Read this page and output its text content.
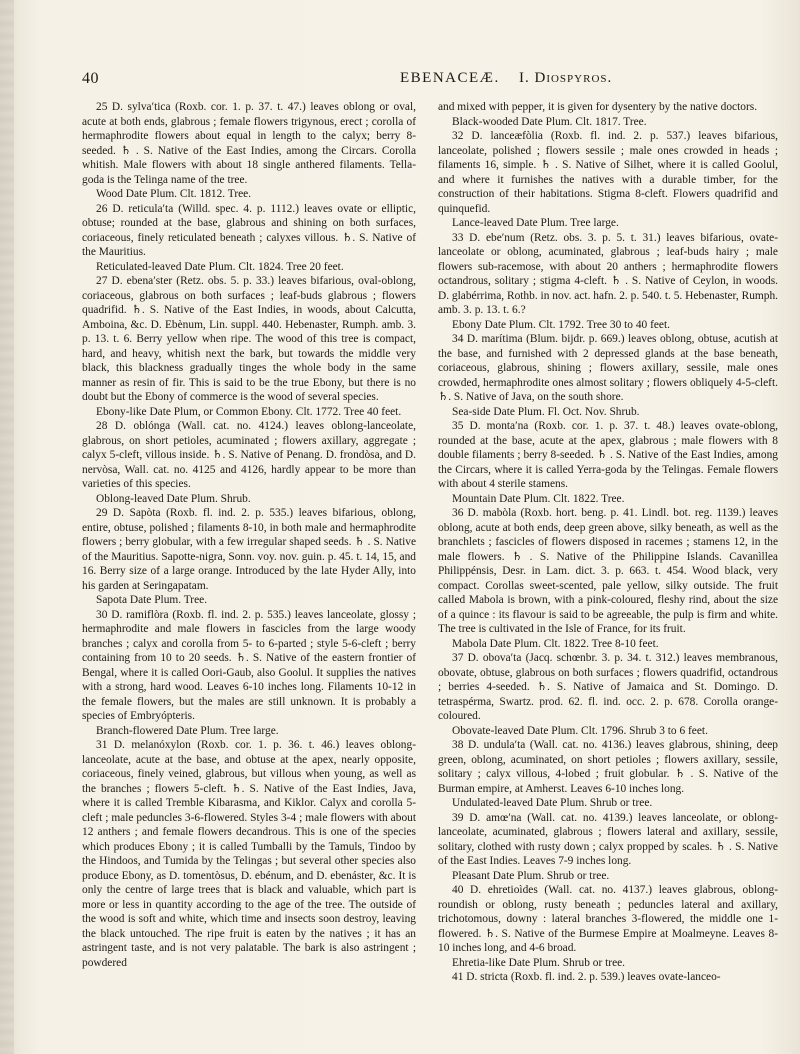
40	EBENACEÆ. I. Diospyros.

25 D. sylva′tica (Roxb. cor. 1. p. 37. t. 47.) leaves oblong or oval, acute at both ends, glabrous ; female flowers trigynous, erect ; corolla of hermaphrodite flowers about equal in length to the calyx; berry 8-seeded. ♄ . S. Native of the East Indies, among the Circars. Corolla whitish. Male flowers with about 18 single anthered filaments. Tella-goda is the Telinga name of the tree.

Wood Date Plum. Clt. 1812. Tree.

26 D. reticula′ta (Willd. spec. 4. p. 1112.) leaves ovate or elliptic, obtuse; rounded at the base, glabrous and shining on both surfaces, coriaceous, finely reticulated beneath ; calyxes villous. ♄. S. Native of the Mauritius.

Reticulated-leaved Date Plum. Clt. 1824. Tree 20 feet.

27 D. ebena′ster (Retz. obs. 5. p. 33.) leaves bifarious, oval-oblong, coriaceous, glabrous on both surfaces ; leaf-buds glabrous ; flowers quadrifid. ♄. S. Native of the East Indies, in woods, about Calcutta, Amboina, &c. D. Ebènum, Lin. suppl. 440. Hebenaster, Rumph. amb. 3. p. 13. t. 6. Berry yellow when ripe. The wood of this tree is compact, hard, and heavy, whitish next the bark, but towards the middle very black, this blackness gradually tinges the whole body in the same manner as resin of fir. This is said to be the true Ebony, but there is no doubt but the Ebony of commerce is the wood of several species.

Ebony-like Date Plum, or Common Ebony. Clt. 1772. Tree 40 feet.

28 D. oblónga (Wall. cat. no. 4124.) leaves oblong-lanceolate, glabrous, on short petioles, acuminated ; flowers axillary, aggregate ; calyx 5-cleft, villous inside. ♄. S. Native of Penang. D. frondòsa, and D. nervòsa, Wall. cat. no. 4125 and 4126, hardly appear to be more than varieties of this species.

Oblong-leaved Date Plum. Shrub.

29 D. Sapòta (Roxb. fl. ind. 2. p. 535.) leaves bifarious, oblong, entire, obtuse, polished ; filaments 8-10, in both male and hermaphrodite flowers ; berry globular, with a few irregular shaped seeds. ♄ . S. Native of the Mauritius. Sapotte-nigra, Sonn. voy. nov. guin. p. 45. t. 14, 15, and 16. Berry size of a large orange. Introduced by the late Hyder Ally, into his garden at Seringapatam.

Sapota Date Plum. Tree.

30 D. ramiflòra (Roxb. fl. ind. 2. p. 535.) leaves lanceolate, glossy ; hermaphrodite and male flowers in fascicles from the large woody branches ; calyx and corolla from 5- to 6-parted ; style 5-6-cleft ; berry containing from 10 to 20 seeds. ♄. S. Native of the eastern frontier of Bengal, where it is called Oori-Gaub, also Goolul. It supplies the natives with a strong, hard wood. Leaves 6-10 inches long. Filaments 10-12 in the female flowers, but the males are still unknown. It is probably a species of Embryópteris.

Branch-flowered Date Plum. Tree large.

31 D. melanóxylon (Roxb. cor. 1. p. 36. t. 46.) leaves oblong-lanceolate, acute at the base, and obtuse at the apex, nearly opposite, coriaceous, finely veined, glabrous, but villous when young, as well as the branches ; flowers 5-cleft. ♄. S. Native of the East Indies, Java, where it is called Tremble Kibarasma, and Kiklor. Calyx and corolla 5-cleft ; male peduncles 3-6-flowered. Styles 3-4 ; male flowers with about 12 anthers ; and female flowers decandrous. This is one of the species which produces Ebony ; it is called Tumballi by the Tamuls, Tindoo by the Hindoos, and Tumida by the Telingas ; but several other species also produce Ebony, as D. tomentòsus, D. ebénum, and D. ebenáster, &c. It is only the centre of large trees that is black and valuable, which part is more or less in quantity according to the age of the tree. The outside of the wood is soft and white, which time and insects soon destroy, leaving the black untouched. The ripe fruit is eaten by the natives ; it has an astringent taste, and is not very palatable. The bark is also astringent ; powdered

and mixed with pepper, it is given for dysentery by the native doctors.

Black-wooded Date Plum. Clt. 1817. Tree.

32 D. lanceæfòlia (Roxb. fl. ind. 2. p. 537.) leaves bifarious, lanceolate, polished ; flowers sessile ; male ones crowded in heads ; filaments 16, simple. ♄ . S. Native of Silhet, where it is called Goolul, and where it furnishes the natives with a durable timber, for the construction of their habitations. Stigma 8-cleft. Flowers quadrifid and quinquefid.

Lance-leaved Date Plum. Tree large.

33 D. ebe′num (Retz. obs. 3. p. 5. t. 31.) leaves bifarious, ovate-lanceolate or oblong, acuminated, glabrous ; leaf-buds hairy ; male flowers sub-racemose, with about 20 anthers ; hermaphrodite flowers octandrous, solitary ; stigma 4-cleft. ♄ . S. Native of Ceylon, in woods. D. glabérrima, Rothb. in nov. act. hafn. 2. p. 540. t. 5. Hebenaster, Rumph. amb. 3. p. 13. t. 6.?

Ebony Date Plum. Clt. 1792. Tree 30 to 40 feet.

34 D. marítima (Blum. bijdr. p. 669.) leaves oblong, obtuse, acutish at the base, and furnished with 2 depressed glands at the base beneath, coriaceous, glabrous, shining ; flowers axillary, sessile, male ones crowded, hermaphrodite ones almost solitary ; flowers obliquely 4-5-cleft. ♄. S. Native of Java, on the south shore.

Sea-side Date Plum. Fl. Oct. Nov. Shrub.

35 D. monta′na (Roxb. cor. 1. p. 37. t. 48.) leaves ovate-oblong, rounded at the base, acute at the apex, glabrous ; male flowers with 8 double filaments ; berry 8-seeded. ♄ . S. Native of the East Indies, among the Circars, where it is called Yerra-goda by the Telingas. Female flowers with about 4 sterile stamens.

Mountain Date Plum. Clt. 1822. Tree.

36 D. mabòla (Roxb. hort. beng. p. 41. Lindl. bot. reg. 1139.) leaves oblong, acute at both ends, deep green above, silky beneath, as well as the branchlets ; fascicles of flowers disposed in racemes ; stamens 12, in the male flowers. ♄ . S. Native of the Philippine Islands. Cavanìllea Philippénsis, Desr. in Lam. dict. 3. p. 663. t. 454. Wood black, very compact. Corollas sweet-scented, pale yellow, silky outside. The fruit called Mabola is brown, with a pink-coloured, fleshy rind, about the size of a quince : its flavour is said to be agreeable, the pulp is firm and white. The tree is cultivated in the Isle of France, for its fruit.

Mabola Date Plum. Clt. 1822. Tree 8-10 feet.

37 D. obova′ta (Jacq. schœnbr. 3. p. 34. t. 312.) leaves membranous, obovate, obtuse, glabrous on both surfaces ; flowers quadrifid, octandrous ; berries 4-seeded. ♄. S. Native of Jamaica and St. Domingo. D. tetraspérma, Swartz. prod. 62. fl. ind. occ. 2. p. 678. Corolla orange-coloured.

Obovate-leaved Date Plum. Clt. 1796. Shrub 3 to 6 feet.

38 D. undula′ta (Wall. cat. no. 4136.) leaves glabrous, shining, deep green, oblong, acuminated, on short petioles ; flowers axillary, sessile, solitary ; calyx villous, 4-lobed ; fruit globular. ♄ . S. Native of the Burman empire, at Amherst. Leaves 6-10 inches long.

Undulated-leaved Date Plum. Shrub or tree.

39 D. amœ′na (Wall. cat. no. 4139.) leaves lanceolate, or oblong-lanceolate, acuminated, glabrous ; flowers lateral and axillary, sessile, solitary, clothed with rusty down ; calyx propped by scales. ♄ . S. Native of the East Indies. Leaves 7-9 inches long.

Pleasant Date Plum. Shrub or tree.

40 D. ehretioìdes (Wall. cat. no. 4137.) leaves glabrous, oblong-roundish or oblong, rusty beneath ; peduncles lateral and axillary, trichotomous, downy : lateral branches 3-flowered, the middle one 1-flowered. ♄. S. Native of the Burmese Empire at Moalmeyne. Leaves 8-10 inches long, and 4-6 broad.

Ehretia-like Date Plum. Shrub or tree.

41 D. stricta (Roxb. fl. ind. 2. p. 539.) leaves ovate-lanceo-
